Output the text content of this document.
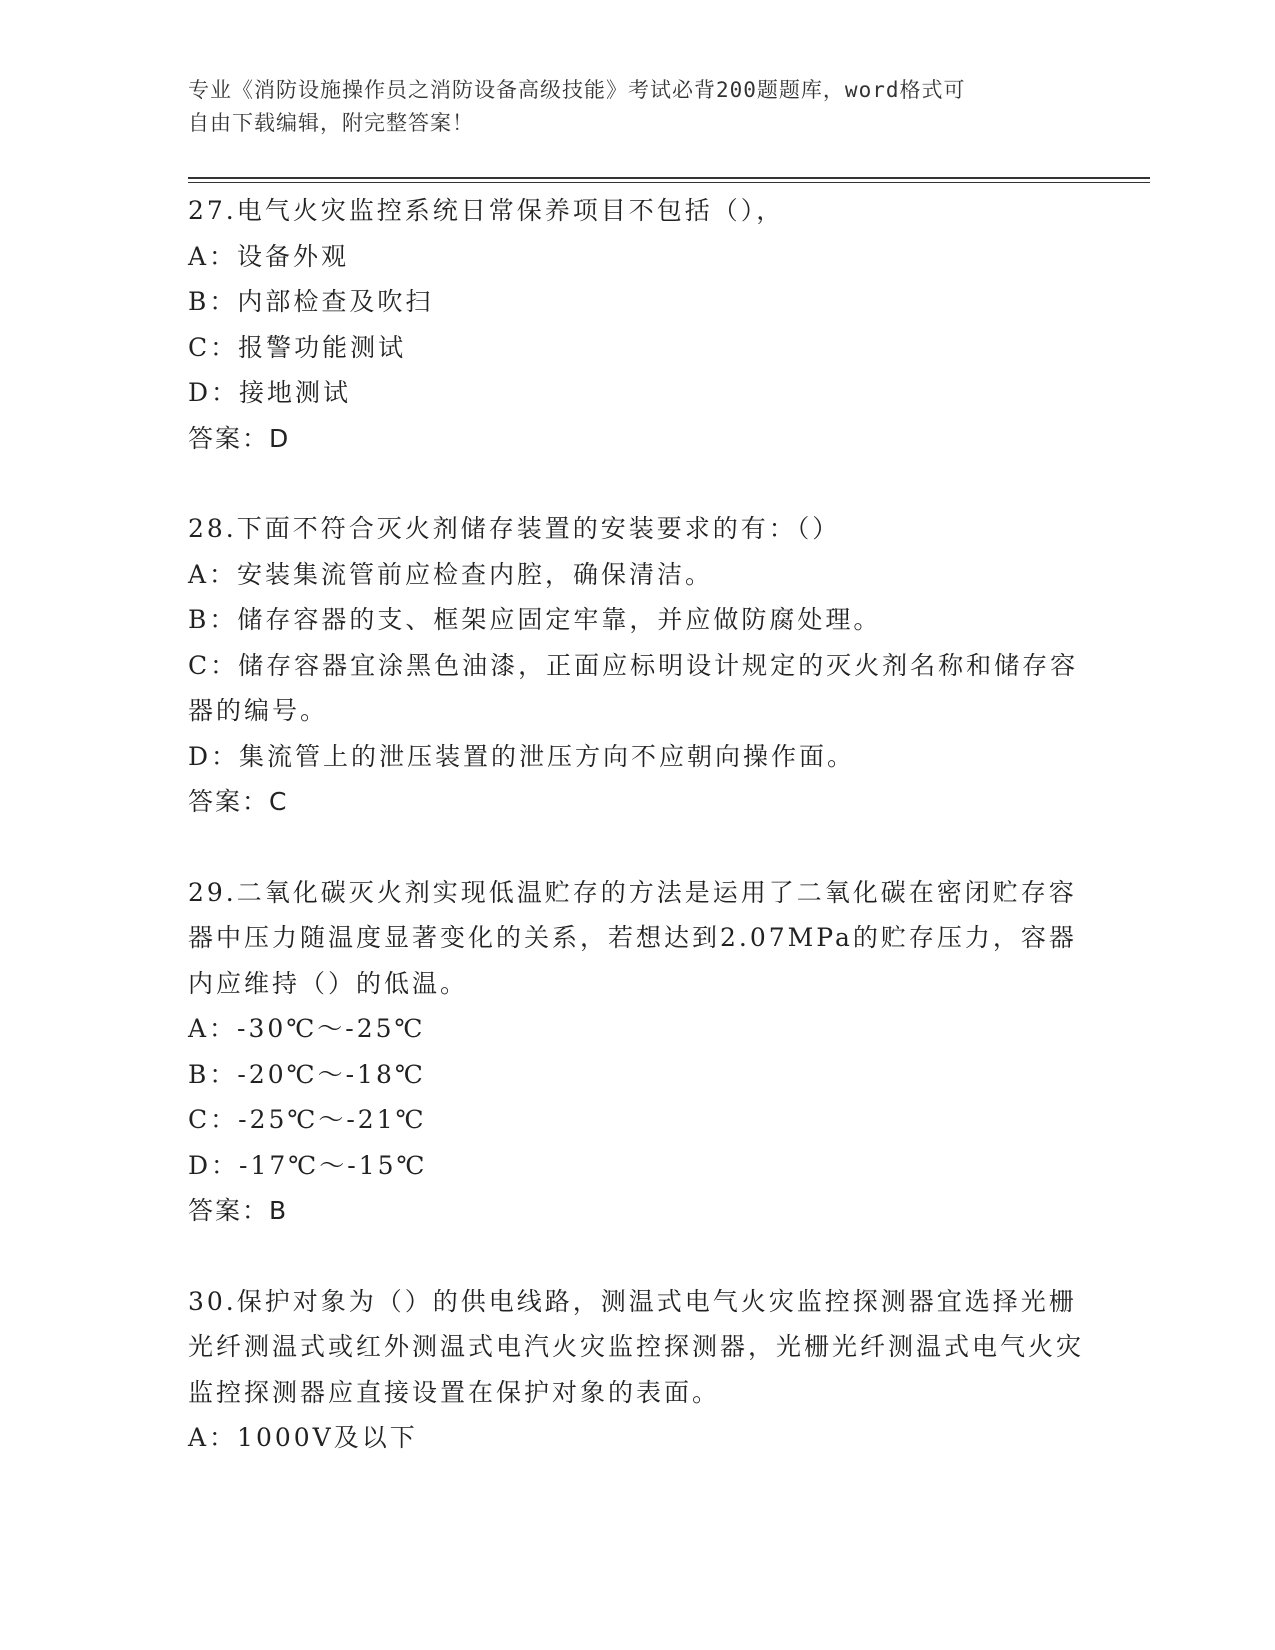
专业《消防设施操作员之消防设备高级技能》考试必背200题题库，word格式可
自由下载编辑，附完整答案！

27.电气火灾监控系统日常保养项目不包括（），

A：设备外观

B：内部检查及吹扫

C：报警功能测试

D：接地测试

答案：D

28.下面不符合灭火剂储存装置的安装要求的有：（）

A：安装集流管前应检查内腔，确保清洁。

B：储存容器的支、框架应固定牢靠，并应做防腐处理。

C：储存容器宜涂黑色油漆，正面应标明设计规定的灭火剂名称和储存容器的编号。

D：集流管上的泄压装置的泄压方向不应朝向操作面。

答案：C

29.二氧化碳灭火剂实现低温贮存的方法是运用了二氧化碳在密闭贮存容器中压力随温度显著变化的关系，若想达到2.07MPa的贮存压力，容器内应维持（）的低温。

A：-30℃～-25℃

B：-20℃～-18℃

C：-25℃～-21℃

D：-17℃～-15℃

答案：B

30.保护对象为（）的供电线路，测温式电气火灾监控探测器宜选择光栅光纤测温式或红外测温式电汽火灾监控探测器，光栅光纤测温式电气火灾监控探测器应直接设置在保护对象的表面。

A：1000V及以下
